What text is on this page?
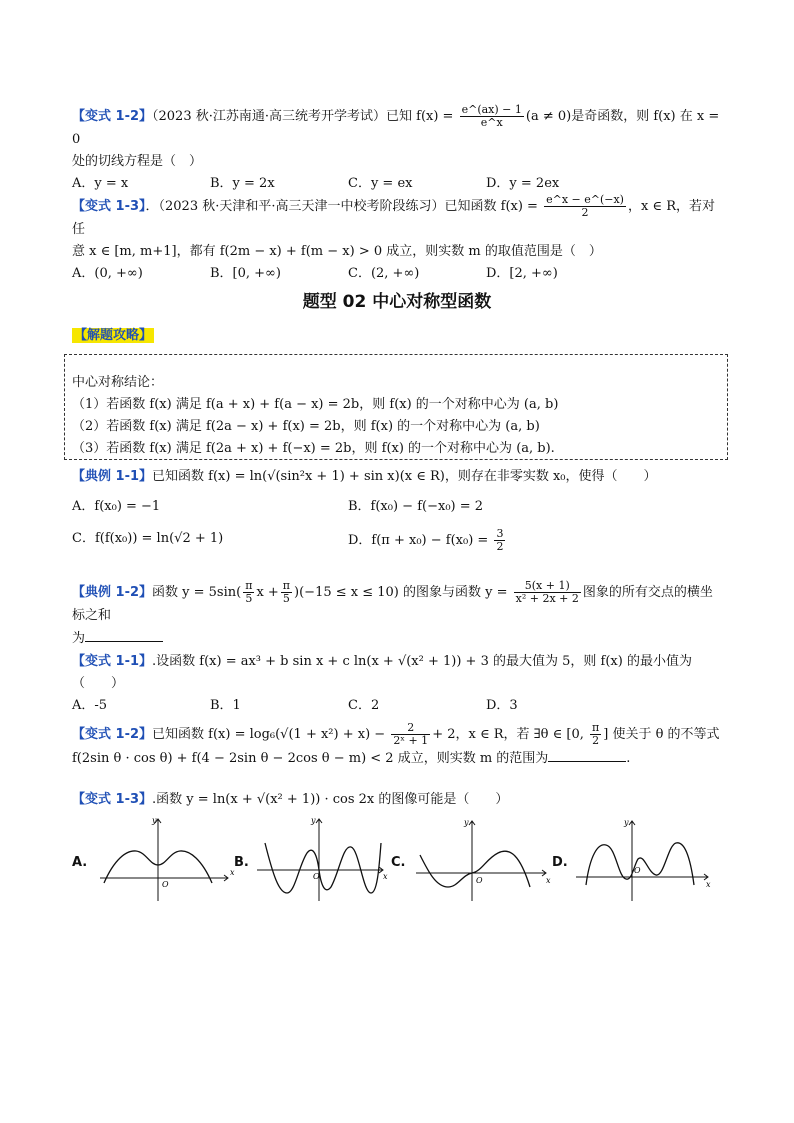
【变式 1-2】（2023 秋·江苏南通·高三统考开学考试）已知 $f(x) = \frac{e\^{}(ax) - 1}{e\^{}x} (a \ne 0)$是奇函数，则 f(x) 在 x = 0
处的切线方程是（　）
A．y = x	B．y = 2x	C．y = ex	D．y = 2ex
【变式 1-3】．（2023 秋·天津和平·高三天津一中校考阶段练习）已知函数 $f(x) = \frac{e\^{}x - e\^{}(-x)}{2}$ ，x ∈ R，若对任
意 x ∈ [m, m+1]，都有 f(2m − x) + f(m − x) > 0 成立，则实数 m 的取值范围是（　）
A．(0, +∞)	B．[0, +∞)	C．(2, +∞)	D．[2, +∞)
题型 02 中心对称型函数
【解题攻略】
中心对称结论：
（1）若函数 f(x) 满足 f(a + x) + f(a − x) = 2b，则 f(x) 的一个对称中心为 (a, b)
（2）若函数 f(x) 满足 f(2a − x) + f(x) = 2b，则 f(x) 的一个对称中心为 (a, b)
（3）若函数 f(x) 满足 f(2a + x) + f(−x) = 2b，则 f(x) 的一个对称中心为 (a, b).
【典例 1-1】已知函数 f(x) = ln(√(sin²x + 1) + sin x)(x ∈ R)，则存在非零实数 x₀，使得（　　）
A．f(x₀) = −1	B．f(x₀) − f(−x₀) = 2
C．f(f(x₀)) = ln(√2 + 1)	D．$f(\pi + x_0) - f(x_0) = \frac{3}{2}$
【典例 1-2】函数 $y = 5\sin( \frac{\pi}{5}$ $x + \frac{\pi}{5} )(-15 \le x \le 10)$ 的图象与函数 $y = \frac{5(x + 1)}{\text{x² + 2x + 2}}$ 图象的所有交点的横坐标之和
为
【变式 1-1】.设函数 f(x) = ax³ + b sin x + c ln(x + √(x² + 1)) + 3 的最大值为 5，则 f(x) 的最小值为（　　）
A．-5	B．1	C．2	D．3
【变式 1-2】已知函数 $f(x) = \log_6(√(1 + x^2) + x) - \frac{2}{\text{2ˣ + 1}} + 2$，x ∈ R，若 ∃θ ∈ [0, $\frac{\pi}{2}$ ] 使关于 θ 的不等式
f(2sin θ · cos θ) + f(4 − 2sin θ − 2cos θ − m) < 2 成立，则实数 m 的范围为	.
【变式 1-3】.函数 y = ln(x + √(x² + 1)) · cos 2x 的图像可能是（　　）
A.	B.	C.	D.
x
y
O
x
y
O	x
y
O	x
y
O
